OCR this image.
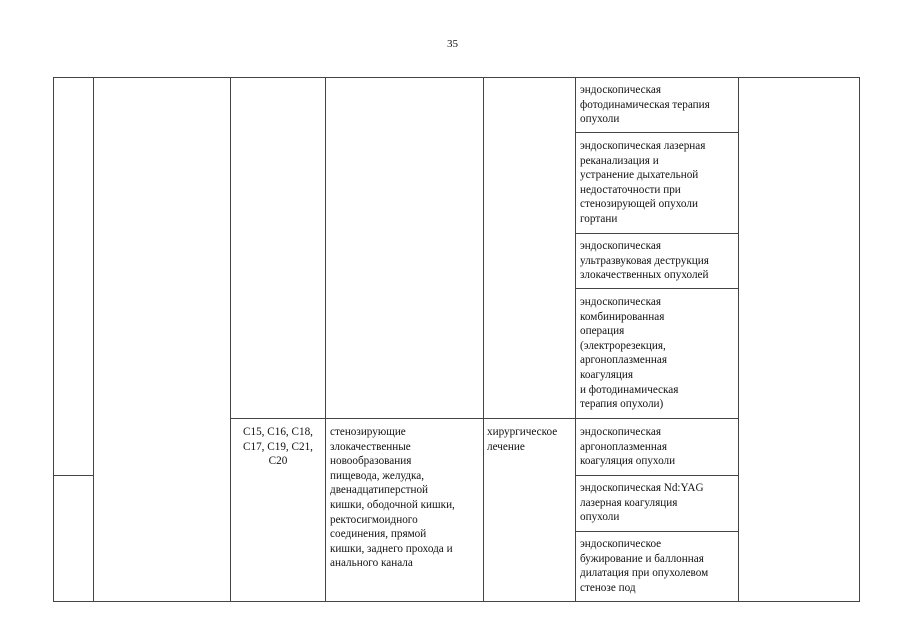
35

эндоскопическая
фотодинамическая терапия
опухоли

эндоскопическая лазерная
реканализация и
устранение дыхательной
недостаточности при
стенозирующей опухоли
гортани

эндоскопическая
ультразвуковая деструкция
злокачественных опухолей

эндоскопическая
комбинированная
операция
(электрорезекция,
аргоноплазменная
коагуляция
и фотодинамическая
терапия опухоли)

C15, C16, C18,
C17, C19, C21,
C20

стенозирующие
злокачественные
новообразования
пищевода, желудка,
двенадцатиперстной
кишки, ободочной кишки,
ректосигмоидного
соединения, прямой
кишки, заднего прохода и
анального канала

хирургическое
лечение

эндоскопическая
аргоноплазменная
коагуляция опухоли

эндоскопическая Nd:YAG
лазерная коагуляция
опухоли

эндоскопическое
бужирование и баллонная
дилатация при опухолевом
стенозе под
